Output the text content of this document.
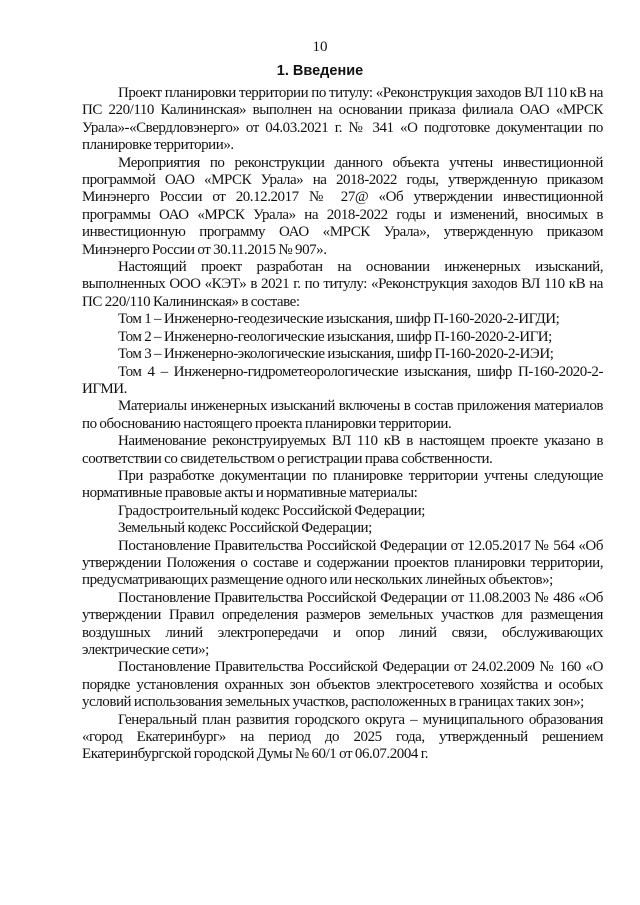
10
1. Введение

Проект планировки территории по титулу: «Реконструкция заходов ВЛ 110 кВ на ПС 220/110 Калининская» выполнен на основании приказа филиала ОАО «МРСК Урала»-«Свердловэнерго» от 04.03.2021 г. № 341 «О подготовке документации по планировке территории».

Мероприятия по реконструкции данного объекта учтены инвестиционной программой ОАО «МРСК Урала» на 2018-2022 годы, утвержденную приказом Минэнерго России от 20.12.2017 № 27@ «Об утверждении инвестиционной программы ОАО «МРСК Урала» на 2018-2022 годы и изменений, вносимых в инвестиционную программу ОАО «МРСК Урала», утвержденную приказом Минэнерго России от 30.11.2015 № 907».

Настоящий проект разработан на основании инженерных изысканий, выполненных ООО «КЭТ» в 2021 г. по титулу: «Реконструкция заходов ВЛ 110 кВ на ПС 220/110 Калининская» в составе:

Том 1 – Инженерно-геодезические изыскания, шифр П-160-2020-2-ИГДИ;

Том 2 – Инженерно-геологические изыскания, шифр П-160-2020-2-ИГИ;

Том 3 – Инженерно-экологические изыскания, шифр П-160-2020-2-ИЭИ;

Том 4 – Инженерно-гидрометеорологические изыскания, шифр П-160-2020-2-ИГМИ.

Материалы инженерных изысканий включены в состав приложения материалов по обоснованию настоящего проекта планировки территории.

Наименование реконструируемых ВЛ 110 кВ в настоящем проекте указано в соответствии со свидетельством о регистрации права собственности.

При разработке документации по планировке территории учтены следующие нормативные правовые акты и нормативные материалы:

Градостроительный кодекс Российской Федерации;

Земельный кодекс Российской Федерации;

Постановление Правительства Российской Федерации от 12.05.2017 № 564 «Об утверждении Положения о составе и содержании проектов планировки территории, предусматривающих размещение одного или нескольких линейных объектов»;

Постановление Правительства Российской Федерации от 11.08.2003 № 486 «Об утверждении Правил определения размеров земельных участков для размещения воздушных линий электропередачи и опор линий связи, обслуживающих электрические сети»;

Постановление Правительства Российской Федерации от 24.02.2009 № 160 «О порядке установления охранных зон объектов электросетевого хозяйства и особых условий использования земельных участков, расположенных в границах таких зон»;

Генеральный план развития городского округа – муниципального образования «город Екатеринбург» на период до 2025 года, утвержденный решением Екатеринбургской городской Думы № 60/1 от 06.07.2004 г.
